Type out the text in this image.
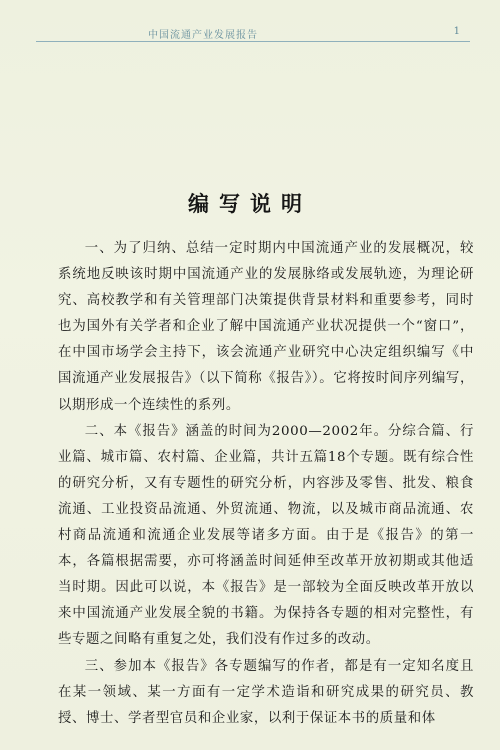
中国流通产业发展报告	1
编写说明

一、为了归纳、总结一定时期内中国流通产业的发展概况，较系统地反映该时期中国流通产业的发展脉络或发展轨迹，为理论研究、高校教学和有关管理部门决策提供背景材料和重要参考，同时也为国外有关学者和企业了解中国流通产业状况提供一个“窗口”，在中国市场学会主持下，该会流通产业研究中心决定组织编写《中国流通产业发展报告》（以下简称《报告》）。它将按时间序列编写，以期形成一个连续性的系列。

二、本《报告》涵盖的时间为2000—2002年。分综合篇、行业篇、城市篇、农村篇、企业篇，共计五篇18个专题。既有综合性的研究分析，又有专题性的研究分析，内容涉及零售、批发、粮食流通、工业投资品流通、外贸流通、物流，以及城市商品流通、农村商品流通和流通企业发展等诸多方面。由于是《报告》的第一本，各篇根据需要，亦可将涵盖时间延伸至改革开放初期或其他适当时期。因此可以说，本《报告》是一部较为全面反映改革开放以来中国流通产业发展全貌的书籍。为保持各专题的相对完整性，有些专题之间略有重复之处，我们没有作过多的改动。

三、参加本《报告》各专题编写的作者，都是有一定知名度且在某一领域、某一方面有一定学术造诣和研究成果的研究员、教授、博士、学者型官员和企业家，以利于保证本书的质量和体
